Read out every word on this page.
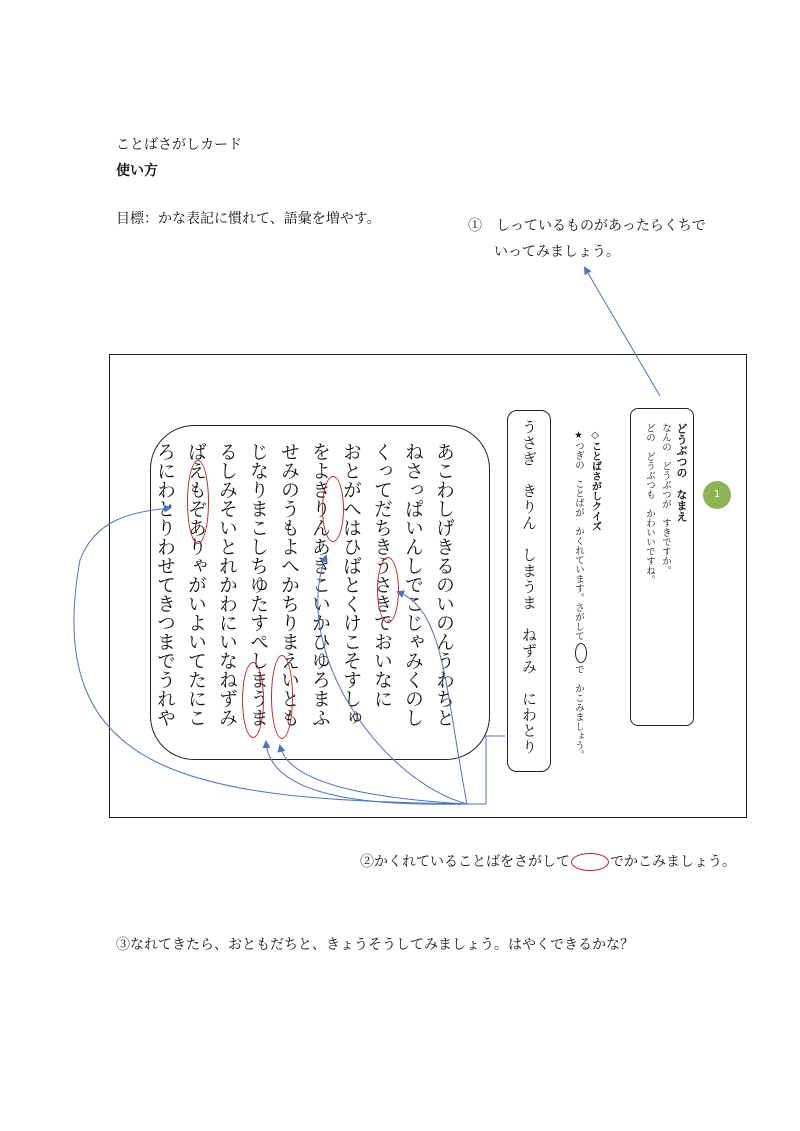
ことばさがしカード
使い方
目標：かな表記に慣れて、語彙を増やす。	①　しっているものがあったらくちで
いってみましょう。
あこわしげきるのいのんうわちと
ねさっぱいんしでこじゃみくのし
くってだちきうさきでおいなに
おとがへはひばとくけこそすしゅ
をよきりんあきこいかひゆろまふ
せみのうもよへかちりまえいとも
じなりまこしちゆたすぺしまうま
るしみそいとれかわにいなねずみ
ばえもぞありゃがいよいてたにこ
ろにわとりわせてきつまでうれや	うさぎ　きりん　しまうま　ねずみ　にわとり	◇ことばさがしクイズ
★つぎの　ことばが　かくれています。さがしてで　かこみましょう。
どうぶつの　なまえ
なんの　どうぶつが　すきですか。
どの　どうぶつも　かわいいですね。	1
②かくれていることばをさがして	でかこみましょう。
③なれてきたら、おともだちと、きょうそうしてみましょう。はやくできるかな？
